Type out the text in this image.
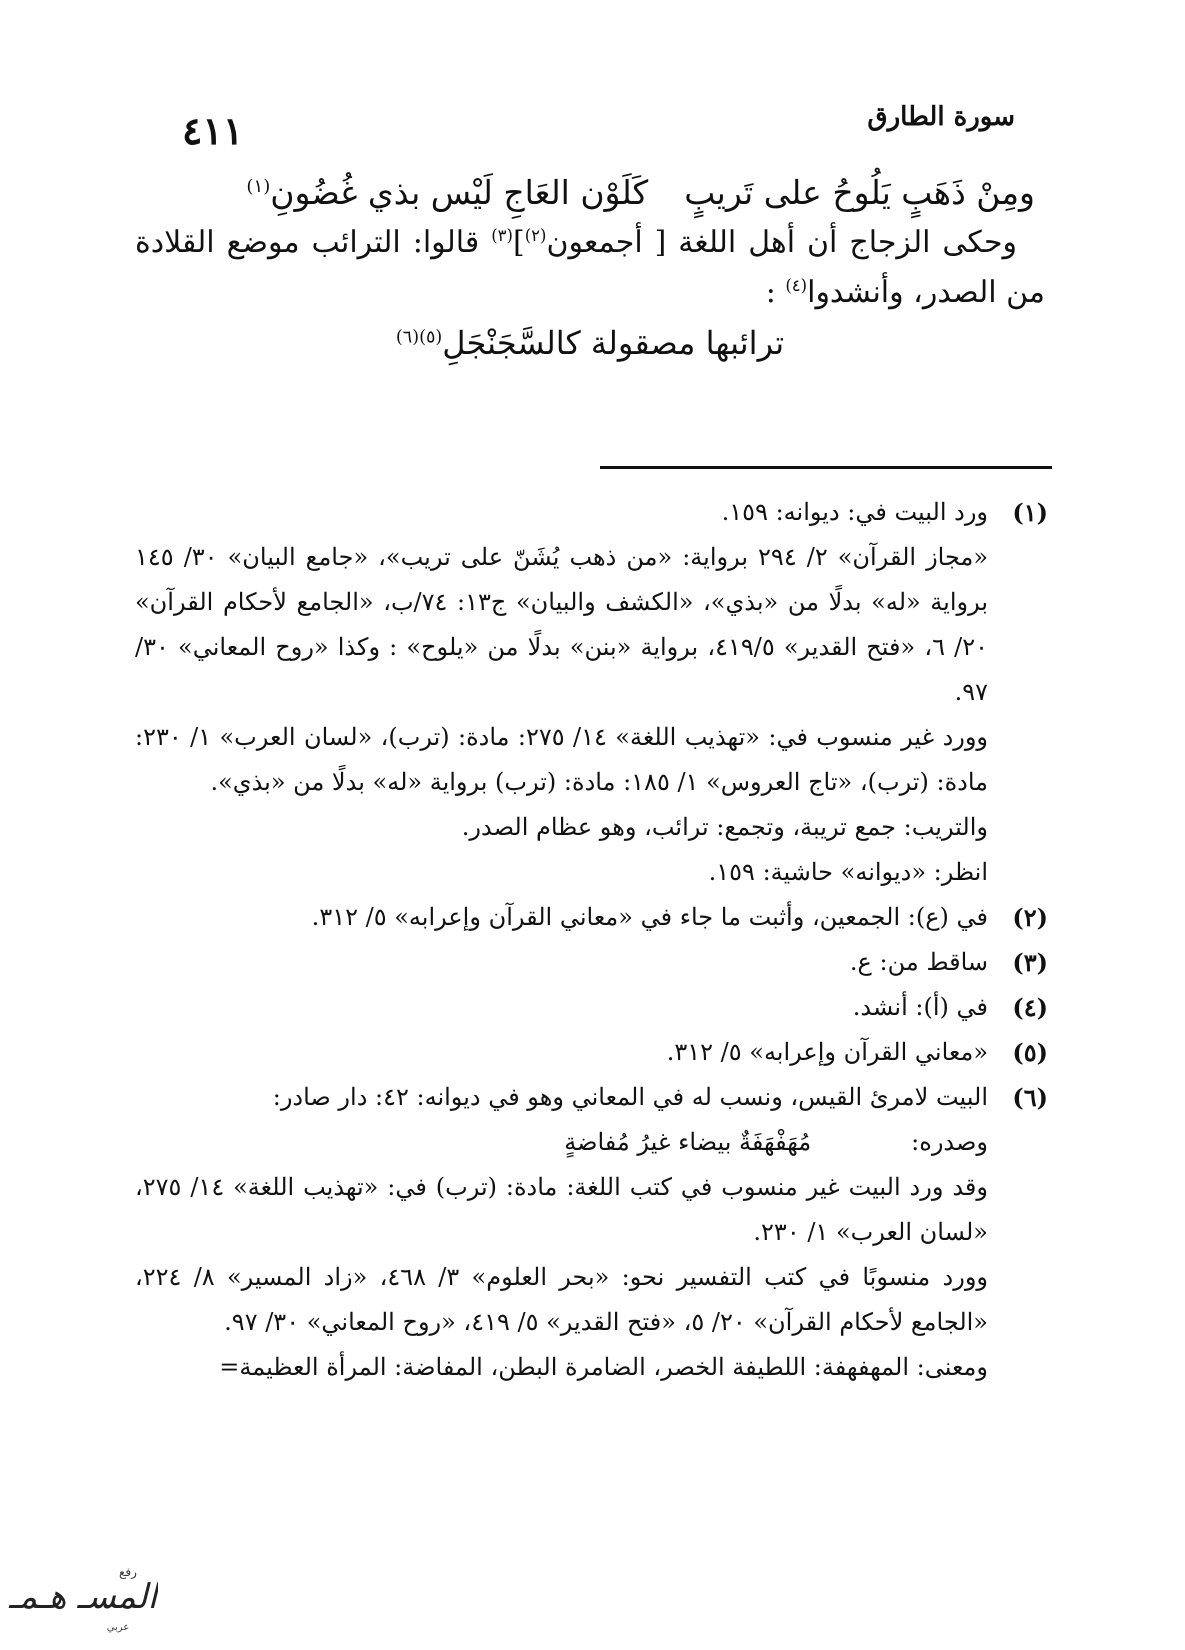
سورة الطارق
٤١١

ومِنْ ذَهَبٍ يَلُوحُ على تَريبٍكَلَوْن العَاجِ لَيْس بذي غُضُونِ$^{(١)}$

وحكى الزجاج أن أهل اللغة [ أجمعون$^{(٢)}$]$^{(٣)}$ قالوا: الترائب موضع القلادة من الصدر، وأنشدوا$^{(٤)}$ :

ترائبها مصقولة كالسَّجَنْجَلِ$^{(٥)(٦)}$

(١)

ورد البيت في: ديوانه: ١٥٩.

«مجاز القرآن» ٢/ ٢٩٤ برواية: «من ذهب يُشَنّ على تريب»، «جامع البيان» ٣٠/ ١٤٥ برواية «له» بدلًا من «بذي»، «الكشف والبيان» ج١٣: ٧٤/ب، «الجامع لأحكام القرآن» ٢٠/ ٦، «فتح القدير» ٤١٩/٥، برواية «بنن» بدلًا من «يلوح» : وكذا «روح المعاني» ٣٠/ ٩٧.

وورد غير منسوب في: «تهذيب اللغة» ١٤/ ٢٧٥: مادة: (ترب)، «لسان العرب» ١/ ٢٣٠: مادة: (ترب)، «تاج العروس» ١/ ١٨٥: مادة: (ترب) برواية «له» بدلًا من «بذي».

والتريب: جمع تريبة، وتجمع: ترائب، وهو عظام الصدر.

انظر: «ديوانه» حاشية: ١٥٩.

(٢)

في (ع): الجمعين، وأثبت ما جاء في «معاني القرآن وإعرابه» ٥/ ٣١٢.

(٣)

ساقط من: ع.

(٤)

في (أ): أنشد.

(٥)

«معاني القرآن وإعرابه» ٥/ ٣١٢.

(٦)

البيت لامرئ القيس، ونسب له في المعاني وهو في ديوانه: ٤٢: دار صادر:

وصدره:
مُهَفْهَفَةٌ بيضاء غيرُ مُفاضةٍ

وقد ورد البيت غير منسوب في كتب اللغة: مادة: (ترب) في: «تهذيب اللغة» ١٤/ ٢٧٥، «لسان العرب» ١/ ٢٣٠.

وورد منسوبًا في كتب التفسير نحو: «بحر العلوم» ٣/ ٤٦٨، «زاد المسير» ٨/ ٢٢٤، «الجامع لأحكام القرآن» ٢٠/ ٥، «فتح القدير» ٥/ ٤١٩، «روح المعاني» ٣٠/ ٩٧.

ومعنى: المهفهفة: اللطيفة الخصر، الضامرة البطن، المفاضة: المرأة العظيمة=

رفع
المسـ هـمـ
عربي
